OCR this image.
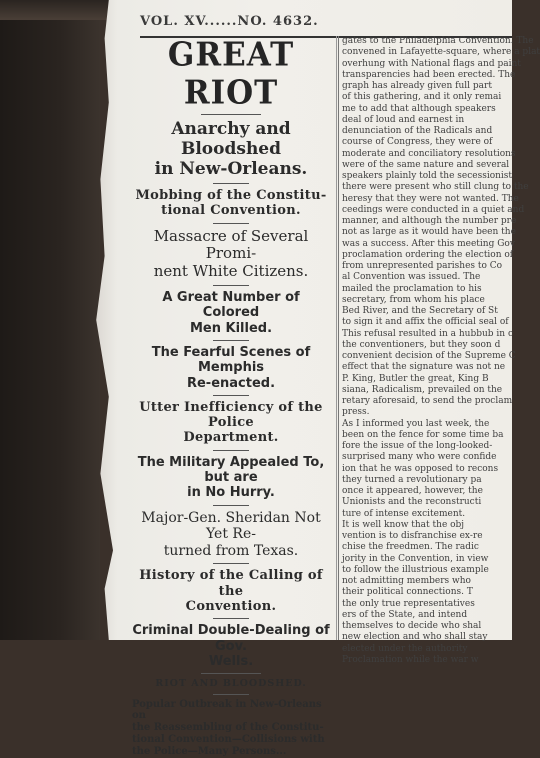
VOL. XV......NO. 4632.
GREAT RIOT
Anarchy and Bloodshed
in New-Orleans.
Mobbing of the Constitu-
tional Convention.
Massacre of Several Promi-
nent White Citizens.
A Great Number of Colored
Men Killed.
The Fearful Scenes of Memphis
Re-enacted.
Utter Inefficiency of the Police
Department.
The Military Appealed To, but are
in No Hurry.
Major-Gen. Sheridan Not Yet Re-
turned from Texas.
History of the Calling of the
Convention.
Criminal Double-Dealing of Gov.
Wells.
RIOT AND BLOODSHED.
Popular Outbreak in New-Orleans on
the Reassembling of the Constitu-
tional Convention—Collisions with
the Police—Many Persons...

gates to the Philadelphia Convention. The

convened in Lafayette-square, where a plat

overhung with National flags and paint

transparencies had been erected. The

graph has already given full part

of this gathering, and it only remai

me to add that although speakers

deal of loud and earnest in

denunciation of the Radicals and

course of Congress, they were of

moderate and conciliatory resolutions

were of the same nature and several

speakers plainly told the secessionist

there were present who still clung to the

heresy that they were not wanted. The

ceedings were conducted in a quiet and

manner, and although the number pre

not as large as it would have been the

was a success. After this meeting Gov

proclamation ordering the election of

from unrepresented parishes to Co

al Convention was issued. The

mailed the proclamation to his

secretary, from whom his place

Bed River, and the Secretary of St

to sign it and affix the official seal of

This refusal resulted in a hubbub in c

the conventioners, but they soon d

convenient decision of the Supreme C

effect that the signature was not ne

P. King, Butler the great, King B

siana, Radicalism, prevailed on the

retary aforesaid, to send the proclam

press.

As I informed you last week, the

been on the fence for some time ba

fore the issue of the long-looked-

surprised many who were confide

ion that he was opposed to recons

they turned a revolutionary pa

once it appeared, however, the

Unionists and the reconstructi

ture of intense excitement.

It is well know that the obj

vention is to disfranchise ex-re

chise the freedmen. The radic

jority in the Convention, in view

to follow the illustrious example

not admitting members who

their political connections. T

the only true representatives

ers of the State, and intend

themselves to decide who shal

new election and who shall stay

elected under the authority

Proclamation while the war w
